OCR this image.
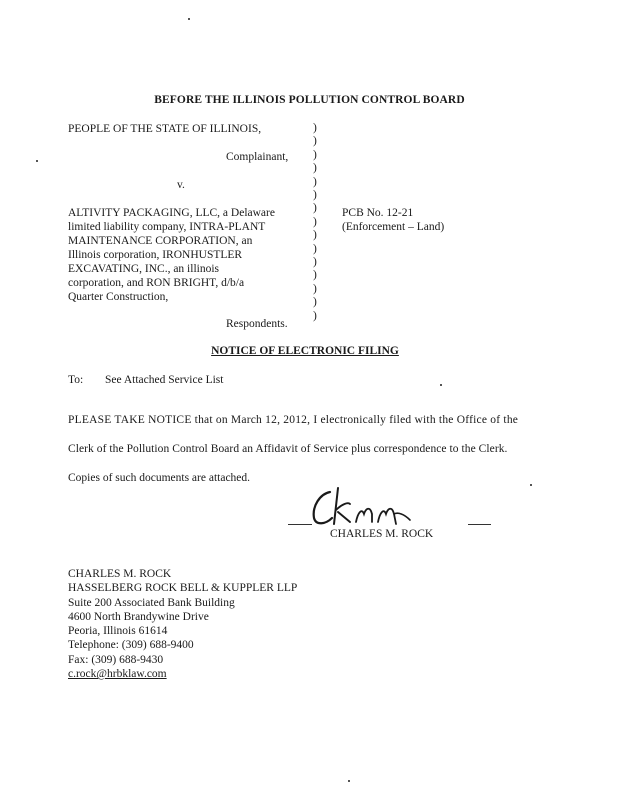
BEFORE THE ILLINOIS POLLUTION CONTROL BOARD
PEOPLE OF THE STATE OF ILLINOIS,
Complainant,
v.
ALTIVITY PACKAGING, LLC, a Delaware
limited liability company, INTRA-PLANT
MAINTENANCE CORPORATION, an
Illinois corporation, IRONHUSTLER
EXCAVATING, INC., an illinois
corporation, and RON BRIGHT, d/b/a
Quarter Construction,
Respondents.
)
)
)
)
)
)
)
)
)
)
)
)
)
)
)
PCB No. 12-21
(Enforcement – Land)
NOTICE OF ELECTRONIC FILING
To: See Attached Service List
PLEASE TAKE NOTICE that on March 12, 2012, I electronically filed with the Office of the
Clerk of the Pollution Control Board an Affidavit of Service plus correspondence to the Clerk.
Copies of such documents are attached.
CHARLES M. ROCK
CHARLES M. ROCK
HASSELBERG ROCK BELL & KUPPLER LLP
Suite 200 Associated Bank Building
4600 North Brandywine Drive
Peoria, Illinois 61614
Telephone: (309) 688-9400
Fax: (309) 688-9430
c.rock@hrbklaw.com
